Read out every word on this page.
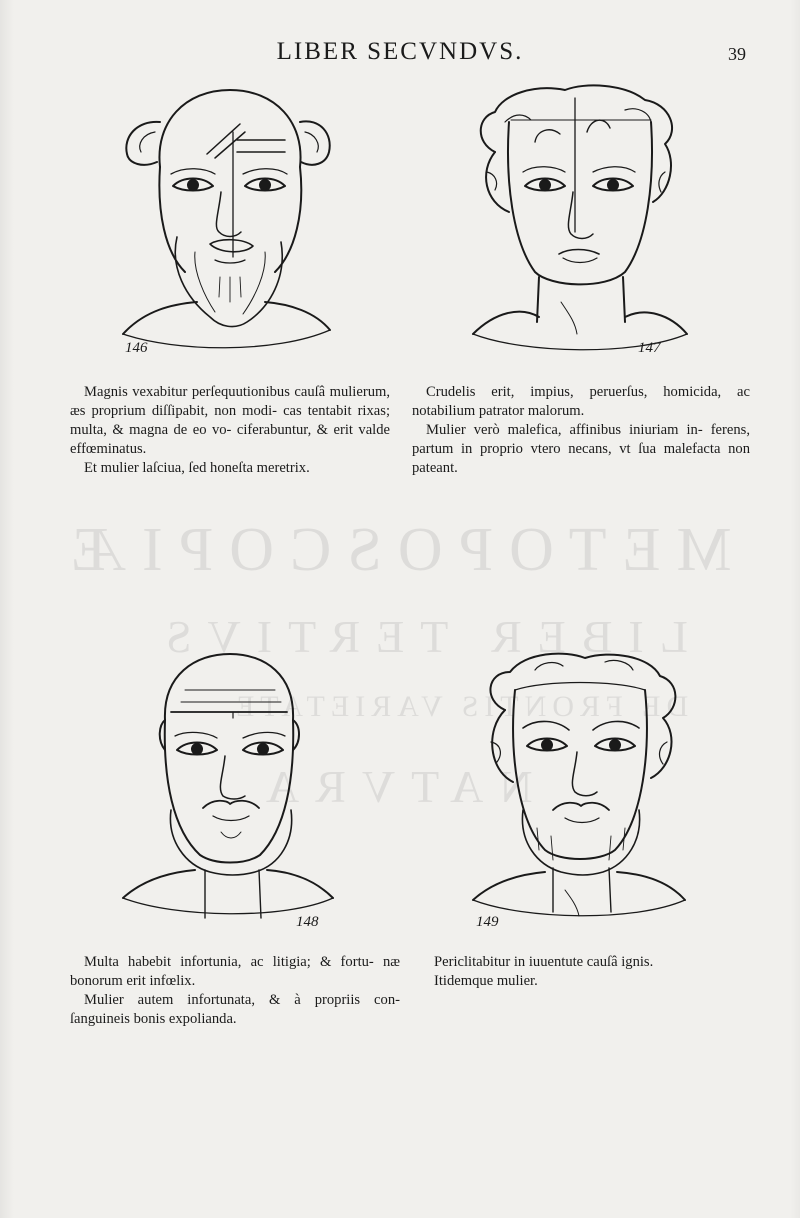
METOPOSCOPIÆ
LIBER TERTIVS
DE FRONTIS VARIETATE
NATVRA
LIBER SECVNDVS.	39
146	147

Magnis vexabitur perſequutionibus cauſâ mulierum, æs proprium diſſipabit, non modi- cas tentabit rixas; multa, & magna de eo vo- ciferabuntur, & erit valde effœminatus.

Et mulier laſciua, ſed honeſta meretrix.

Crudelis erit, impius, peruerſus, homicida, ac notabilium patrator malorum.

Mulier verò malefica, affinibus iniuriam in- ferens, partum in proprio vtero necans, vt ſua malefacta non pateant.

148	149

Multa habebit infortunia, ac litigia; & fortu- næ bonorum erit infœlix.

Mulier autem infortunata, & à propriis con- ſanguineis bonis expolianda.

Periclitabitur in iuuentute cauſâ ignis.

Itidemque mulier.
